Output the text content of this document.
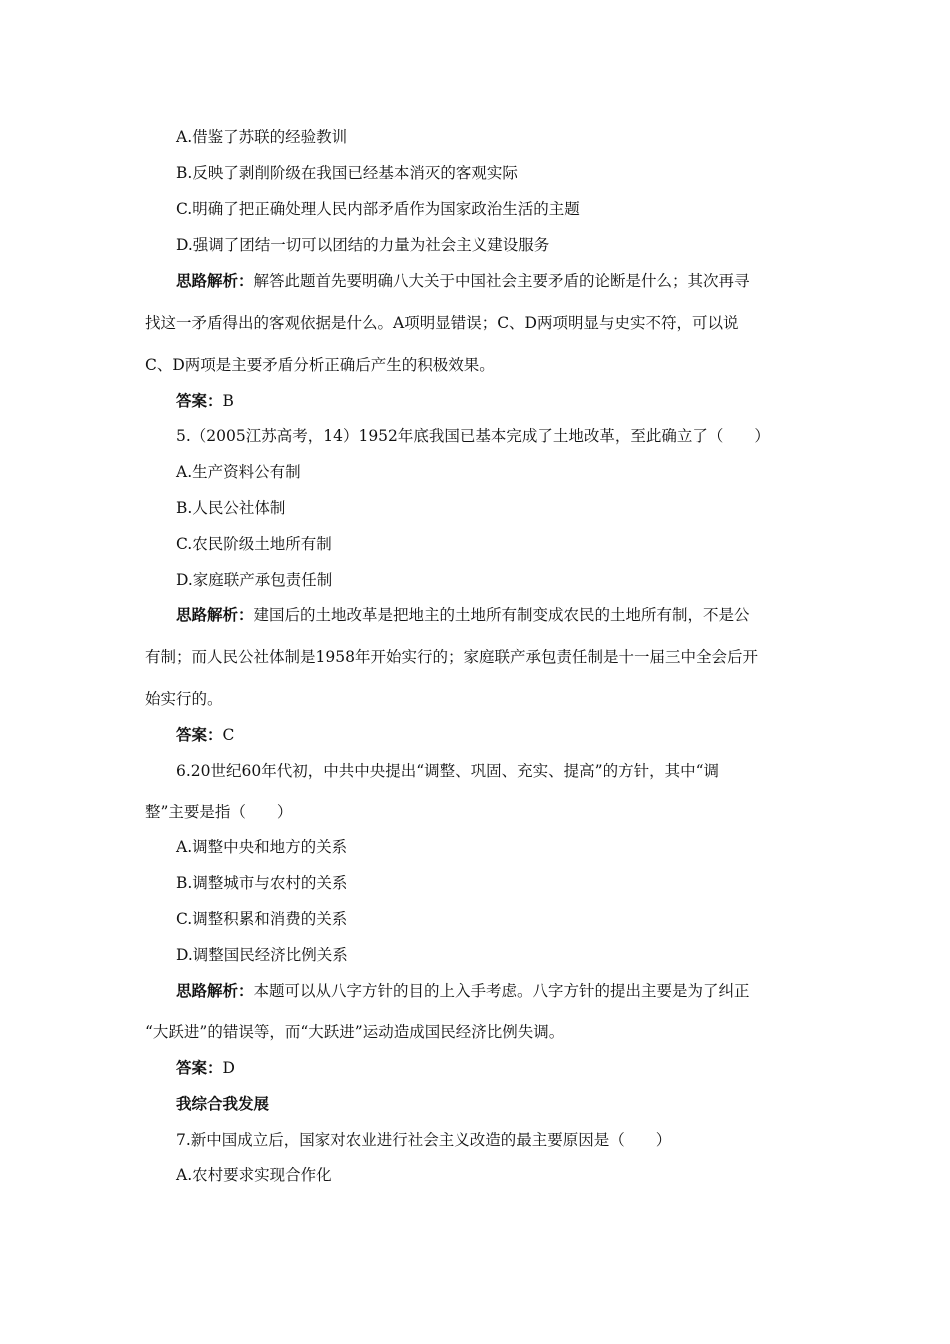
A.借鉴了苏联的经验教训
B.反映了剥削阶级在我国已经基本消灭的客观实际
C.明确了把正确处理人民内部矛盾作为国家政治生活的主题
D.强调了团结一切可以团结的力量为社会主义建设服务
思路解析：解答此题首先要明确八大关于中国社会主要矛盾的论断是什么；其次再寻
找这一矛盾得出的客观依据是什么。A项明显错误；C、D两项明显与史实不符，可以说
C、D两项是主要矛盾分析正确后产生的积极效果。
答案：B
5.（2005江苏高考，14）1952年底我国已基本完成了土地改革，至此确立了（　　）
A.生产资料公有制
B.人民公社体制
C.农民阶级土地所有制
D.家庭联产承包责任制
思路解析：建国后的土地改革是把地主的土地所有制变成农民的土地所有制，不是公
有制；而人民公社体制是1958年开始实行的；家庭联产承包责任制是十一届三中全会后开
始实行的。
答案：C
6.20世纪60年代初，中共中央提出“调整、巩固、充实、提高”的方针，其中“调
整”主要是指（　　）
A.调整中央和地方的关系
B.调整城市与农村的关系
C.调整积累和消费的关系
D.调整国民经济比例关系
思路解析：本题可以从八字方针的目的上入手考虑。八字方针的提出主要是为了纠正
“大跃进”的错误等，而“大跃进”运动造成国民经济比例失调。
答案：D
我综合我发展
7.新中国成立后，国家对农业进行社会主义改造的最主要原因是（　　）
A.农村要求实现合作化
